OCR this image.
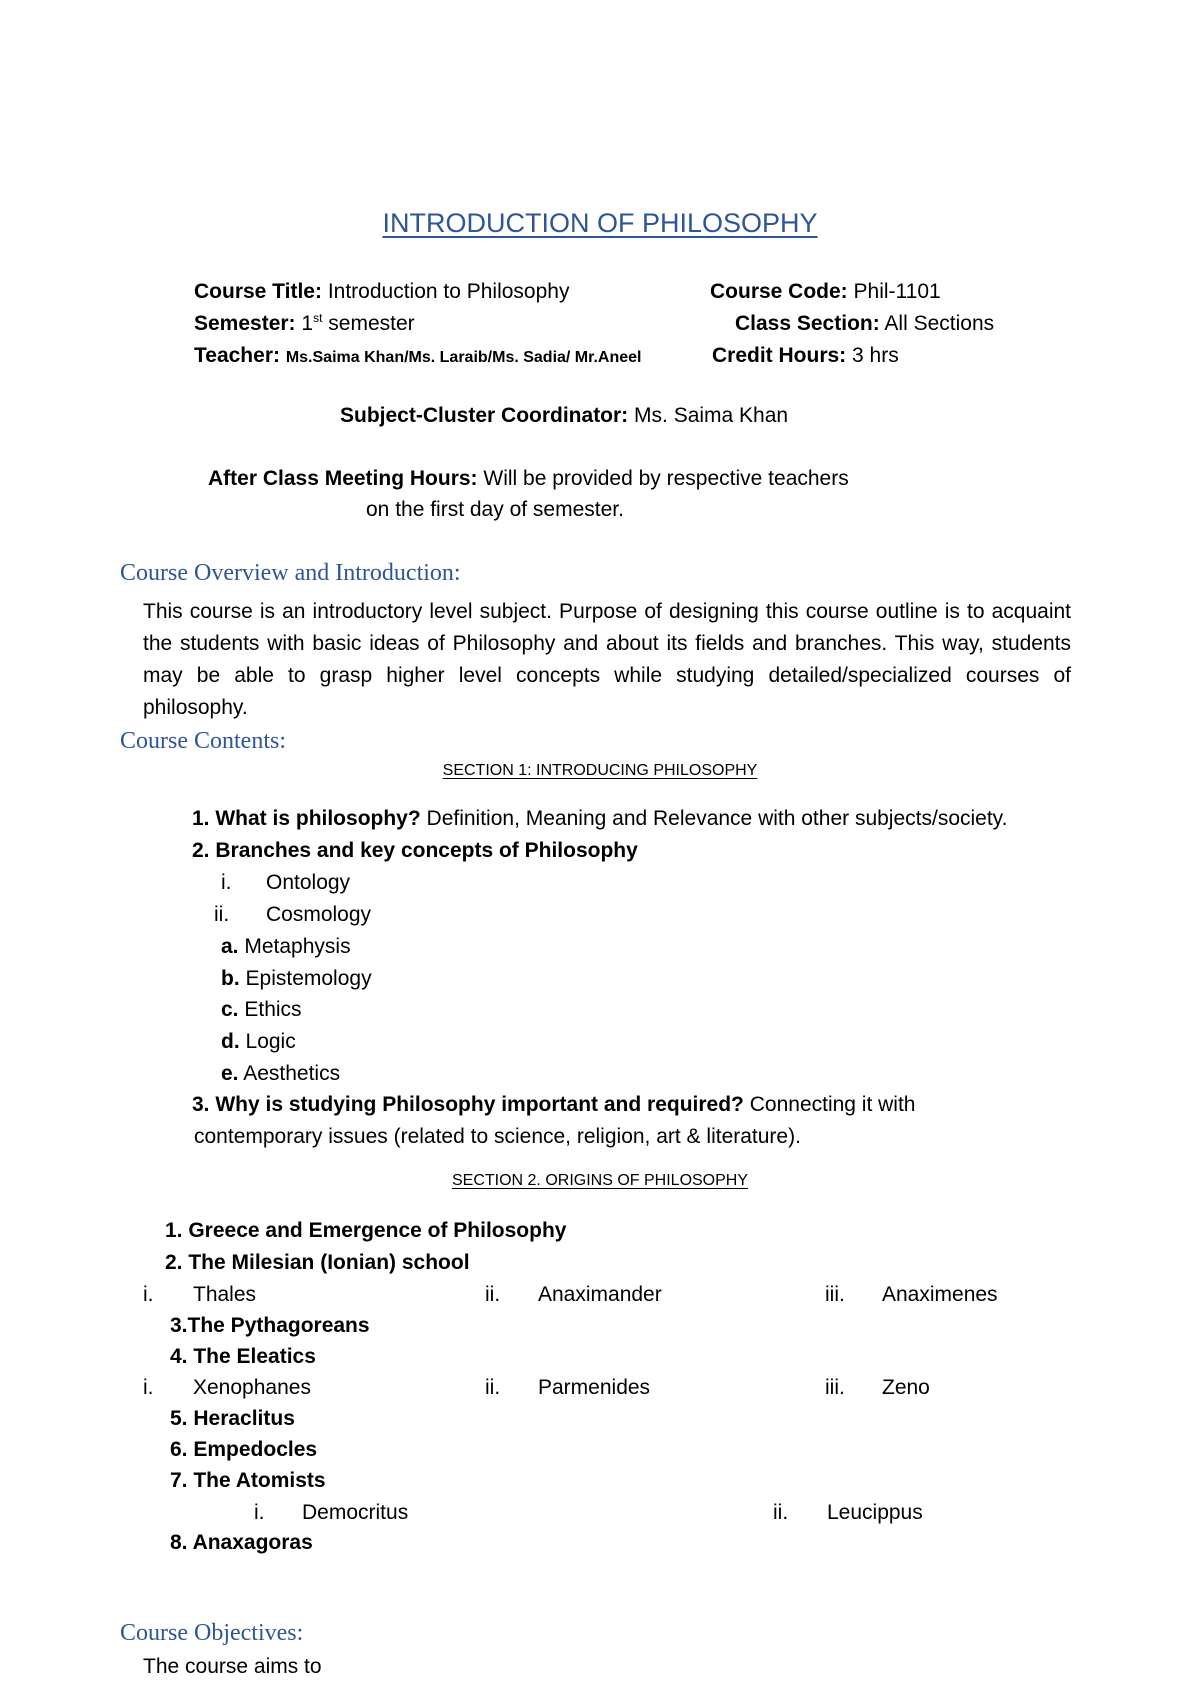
INTRODUCTION OF PHILOSOPHY
Course Title: Introduction to Philosophy	Course Code: Phil-1101
Semester: 1st semester	Class Section: All Sections
Teacher: Ms.Saima Khan/Ms. Laraib/Ms. Sadia/ Mr.Aneel	Credit Hours: 3 hrs
Subject-Cluster Coordinator: Ms. Saima Khan
After Class Meeting Hours: Will be provided by respective teachers
on the first day of semester.
Course Overview and Introduction:
This course is an introductory level subject. Purpose of designing this course outline is to acquaint the students with basic ideas of Philosophy and about its fields and branches. This way, students may be able to grasp higher level concepts while studying detailed/specialized courses of philosophy.
Course Contents:
SECTION 1: INTRODUCING PHILOSOPHY
1. What is philosophy? Definition, Meaning and Relevance with other subjects/society.
2. Branches and key concepts of Philosophy
i. Ontology
ii. Cosmology
a. Metaphysis
b. Epistemology
c. Ethics
d. Logic
e. Aesthetics
3. Why is studying Philosophy important and required? Connecting it with
contemporary issues (related to science, religion, art & literature).
SECTION 2. ORIGINS OF PHILOSOPHY
1. Greece and Emergence of Philosophy
2. The Milesian (Ionian) school
i. Thales	ii. Anaximander	iii. Anaximenes
3.The Pythagoreans
4. The Eleatics
i. Xenophanes	ii. Parmenides	iii. Zeno
5. Heraclitus
6. Empedocles
7. The Atomists
i. Democritus	ii. Leucippus
8. Anaxagoras
Course Objectives:
The course aims to
